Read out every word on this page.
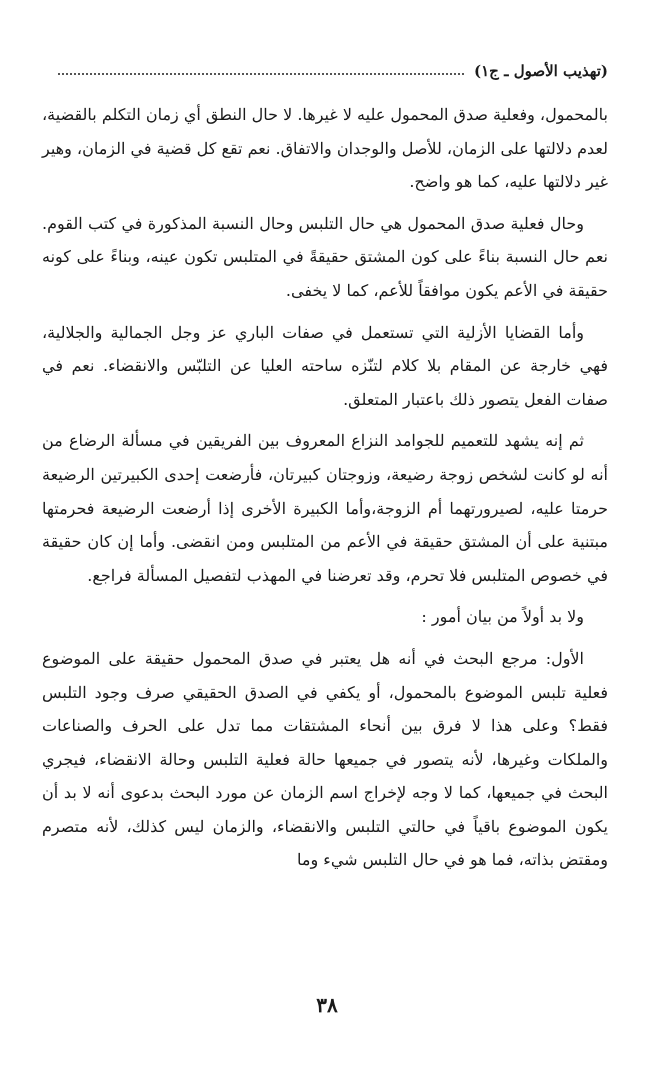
(تهذيب الأصول ـ ج١)

بالمحمول، وفعلية صدق المحمول عليه لا غيرها. لا حال النطق أي زمان التكلم بالقضية، لعدم دلالتها على الزمان، للأصل والوجدان والاتفاق. نعم تقع كل قضية في الزمان، وهير غير دلالتها عليه، كما هو واضح.

وحال فعلية صدق المحمول هي حال التلبس وحال النسبة المذكورة في كتب القوم. نعم حال النسبة بناءً على كون المشتق حقيقةً في المتلبس تكون عينه، وبناءً على كونه حقيقة في الأعم يكون موافقاً للأعم، كما لا يخفى.

وأما القضايا الأزلية التي تستعمل في صفات الباري عز وجل الجمالية والجلالية، فهي خارجة عن المقام بلا كلام لتنّزه ساحته العليا عن التلبّس والانقضاء. نعم في صفات الفعل يتصور ذلك باعتبار المتعلق.

ثم إنه يشهد للتعميم للجوامد النزاع المعروف بين الفريقين في مسألة الرضاع من أنه لو كانت لشخص زوجة رضيعة، وزوجتان كبيرتان، فأرضعت إحدى الكبيرتين الرضيعة حرمتا عليه، لصيرورتهما أم الزوجة،وأما الكبيرة الأخرى إذا أرضعت الرضيعة فحرمتها مبتنية على أن المشتق حقيقة في الأعم من المتلبس ومن انقضى. وأما إن كان حقيقة في خصوص المتلبس فلا تحرم، وقد تعرضنا في المهذب لتفصيل المسألة فراجع.

ولا بد أولاً من بيان أمور :

الأول: مرجع البحث في أنه هل يعتبر في صدق المحمول حقيقة على الموضوع فعلية تلبس الموضوع بالمحمول، أو يكفي في الصدق الحقيقي صرف وجود التلبس فقط؟ وعلى هذا لا فرق بين أنحاء المشتقات مما تدل على الحرف والصناعات والملكات وغيرها، لأنه يتصور في جميعها حالة فعلية التلبس وحالة الانقضاء، فيجري البحث في جميعها، كما لا وجه لإخراج اسم الزمان عن مورد البحث بدعوى أنه لا بد أن يكون الموضوع باقياً في حالتي التلبس والانقضاء، والزمان ليس كذلك، لأنه متصرم ومقتض بذاته، فما هو في حال التلبس شيء وما

٣٨
